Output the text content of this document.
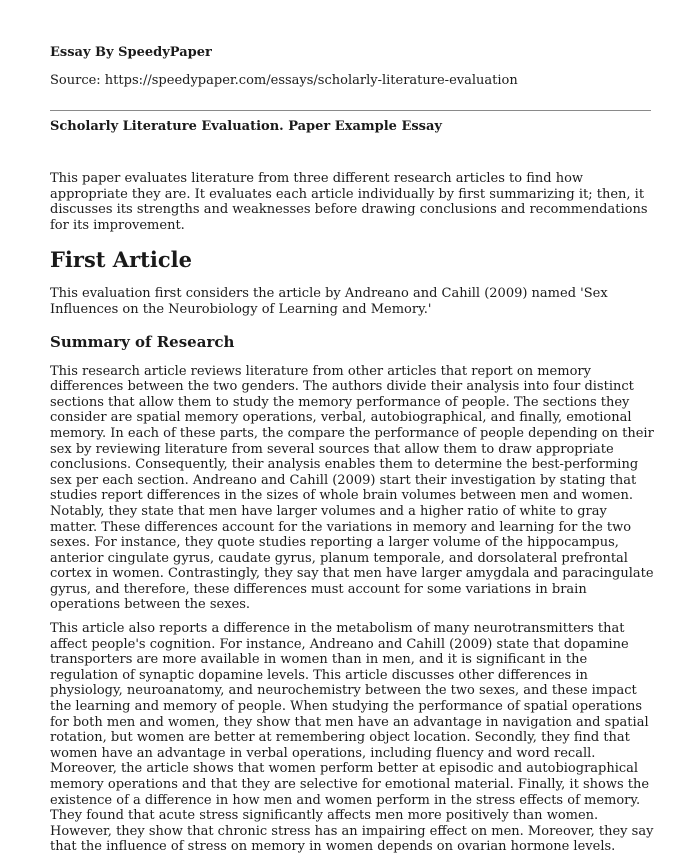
Essay By SpeedyPaper
Source: https://speedypaper.com/essays/scholarly-literature-evaluation
Scholarly Literature Evaluation. Paper Example Essay

This paper evaluates literature from three different research articles to find how appropriate they are. It evaluates each article individually by first summarizing it; then, it discusses its strengths and weaknesses before drawing conclusions and recommendations for its improvement.

First Article

This evaluation first considers the article by Andreano and Cahill (2009) named 'Sex Influences on the Neurobiology of Learning and Memory.'

Summary of Research

This research article reviews literature from other articles that report on memory differences between the two genders. The authors divide their analysis into four distinct sections that allow them to study the memory performance of people. The sections they consider are spatial memory operations, verbal, autobiographical, and finally, emotional memory. In each of these parts, the compare the performance of people depending on their sex by reviewing literature from several sources that allow them to draw appropriate conclusions. Consequently, their analysis enables them to determine the best-performing sex per each section. Andreano and Cahill (2009) start their investigation by stating that studies report differences in the sizes of whole brain volumes between men and women. Notably, they state that men have larger volumes and a higher ratio of white to gray matter. These differences account for the variations in memory and learning for the two sexes. For instance, they quote studies reporting a larger volume of the hippocampus, anterior cingulate gyrus, caudate gyrus, planum temporale, and dorsolateral prefrontal cortex in women. Contrastingly, they say that men have larger amygdala and paracingulate gyrus, and therefore, these differences must account for some variations in brain operations between the sexes.

This article also reports a difference in the metabolism of many neurotransmitters that affect people's cognition. For instance, Andreano and Cahill (2009) state that dopamine transporters are more available in women than in men, and it is significant in the regulation of synaptic dopamine levels. This article discusses other differences in physiology, neuroanatomy, and neurochemistry between the two sexes, and these impact the learning and memory of people. When studying the performance of spatial operations for both men and women, they show that men have an advantage in navigation and spatial rotation, but women are better at remembering object location. Secondly, they find that women have an advantage in verbal operations, including fluency and word recall. Moreover, the article shows that women perform better at episodic and autobiographical memory operations and that they are selective for emotional material. Finally, it shows the existence of a difference in how men and women perform in the stress effects of memory. They found that acute stress significantly affects men more positively than women. However, they show that chronic stress has an impairing effect on men. Moreover, they say that the influence of stress on memory in women depends on ovarian hormone levels.
